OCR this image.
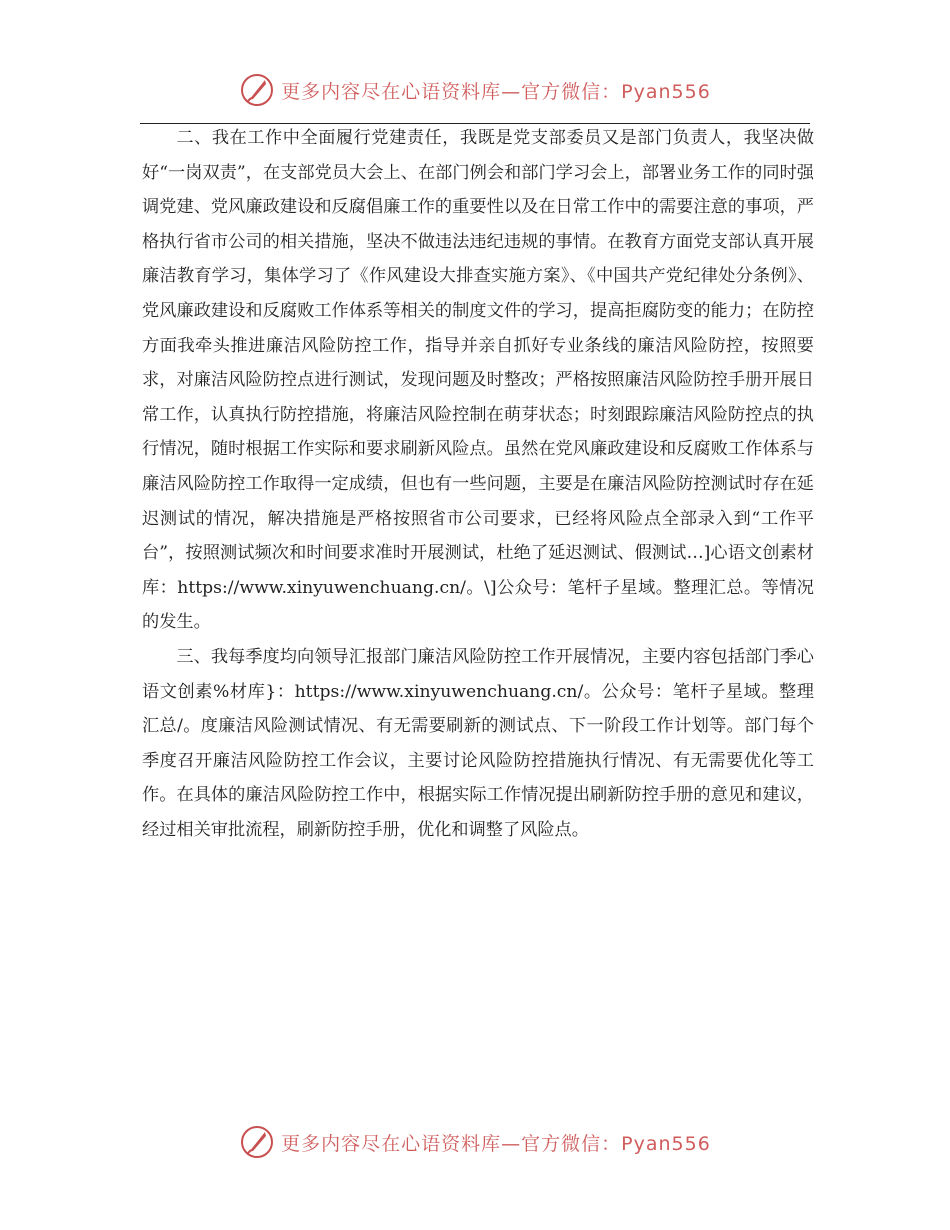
更多内容尽在心语资料库—官方微信：Pyan556

二、我在工作中全面履行党建责任，我既是党支部委员又是部门负责人，我坚决做好“一岗双责”，在支部党员大会上、在部门例会和部门学习会上，部署业务工作的同时强调党建、党风廉政建设和反腐倡廉工作的重要性以及在日常工作中的需要注意的事项，严格执行省市公司的相关措施，坚决不做违法违纪违规的事情。在教育方面党支部认真开展廉洁教育学习，集体学习了《作风建设大排查实施方案》、《中国共产党纪律处分条例》、党风廉政建设和反腐败工作体系等相关的制度文件的学习，提高拒腐防变的能力；在防控方面我牵头推进廉洁风险防控工作，指导并亲自抓好专业条线的廉洁风险防控，按照要求，对廉洁风险防控点进行测试，发现问题及时整改；严格按照廉洁风险防控手册开展日常工作，认真执行防控措施，将廉洁风险控制在萌芽状态；时刻跟踪廉洁风险防控点的执行情况，随时根据工作实际和要求刷新风险点。虽然在党风廉政建设和反腐败工作体系与廉洁风险防控工作取得一定成绩，但也有一些问题，主要是在廉洁风险防控测试时存在延迟测试的情况，解决措施是严格按照省市公司要求，已经将风险点全部录入到“工作平台”，按照测试频次和时间要求准时开展测试，杜绝了延迟测试、假测试…]心语文创素材库：https://www.xinyuwenchuang.cn/。\]公众号：笔杆子星域。整理汇总。等情况的发生。

三、我每季度均向领导汇报部门廉洁风险防控工作开展情况，主要内容包括部门季心语文创素%材库}：https://www.xinyuwenchuang.cn/。公众号：笔杆子星域。整理汇总/。度廉洁风险测试情况、有无需要刷新的测试点、下一阶段工作计划等。部门每个季度召开廉洁风险防控工作会议，主要讨论风险防控措施执行情况、有无需要优化等工作。在具体的廉洁风险防控工作中，根据实际工作情况提出刷新防控手册的意见和建议，经过相关审批流程，刷新防控手册，优化和调整了风险点。

更多内容尽在心语资料库—官方微信：Pyan556
